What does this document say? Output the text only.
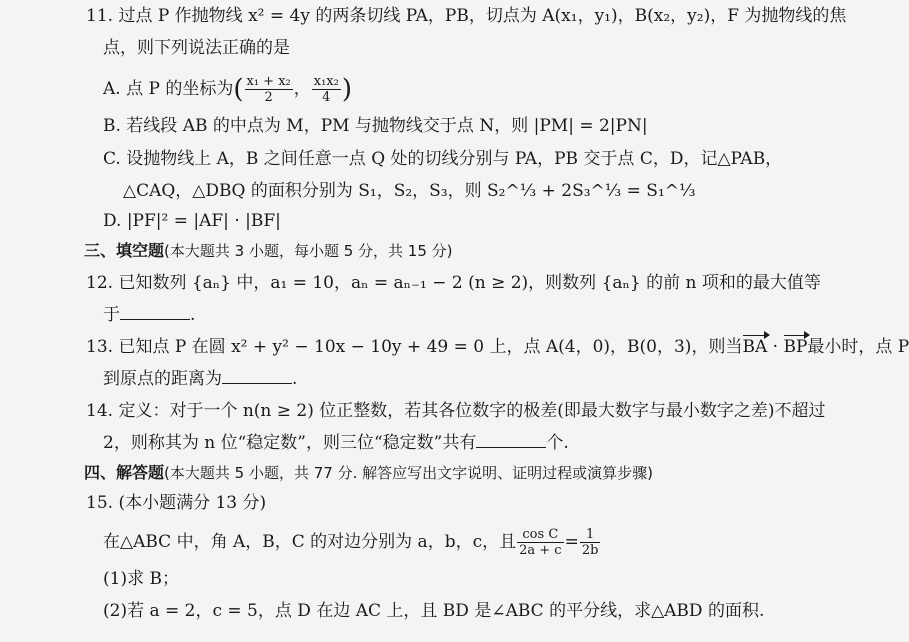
11. 过点 P 作抛物线 x² = 4y 的两条切线 PA，PB，切点为 A(x₁，y₁)，B(x₂，y₂)，F 为抛物线的焦
点，则下列说法正确的是
A. 点 P 的坐标为( $\frac{\text{x₁ + x₂}}{2}$ ， $\frac{\text{x₁x₂}}{4}$ )
B. 若线段 AB 的中点为 M，PM 与抛物线交于点 N，则 |PM| = 2|PN|
C. 设抛物线上 A，B 之间任意一点 Q 处的切线分别与 PA，PB 交于点 C，D，记△PAB，
△CAQ，△DBQ 的面积分别为 S₁，S₂，S₃，则 S₂^⅓ + 2S₃^⅓ = S₁^⅓
D. |PF|² = |AF| · |BF|
三、填空题(本大题共 3 小题，每小题 5 分，共 15 分)
12. 已知数列 {aₙ} 中，a₁ = 10，aₙ = aₙ₋₁ − 2 (n ≥ 2)，则数列 {aₙ} 的前 n 项和的最大值等
于	.
13. 已知点 P 在圆 x² + y² − 10x − 10y + 49 = 0 上，点 A(4，0)，B(0，3)，则当BA · BP最小时，点 P
到原点的距离为	.
14. 定义：对于一个 n(n ≥ 2) 位正整数，若其各位数字的极差(即最大数字与最小数字之差)不超过
2，则称其为 n 位“稳定数”，则三位“稳定数”共有	个.
四、解答题(本大题共 5 小题，共 77 分. 解答应写出文字说明、证明过程或演算步骤)
15. (本小题满分 13 分)
在△ABC 中，角 A，B，C 的对边分别为 a，b，c，且 $\frac{\text{cos C}}{2a + c} = \frac{1}{2b}$
(1)求 B；
(2)若 a = 2，c = 5，点 D 在边 AC 上，且 BD 是∠ABC 的平分线，求△ABD 的面积.
